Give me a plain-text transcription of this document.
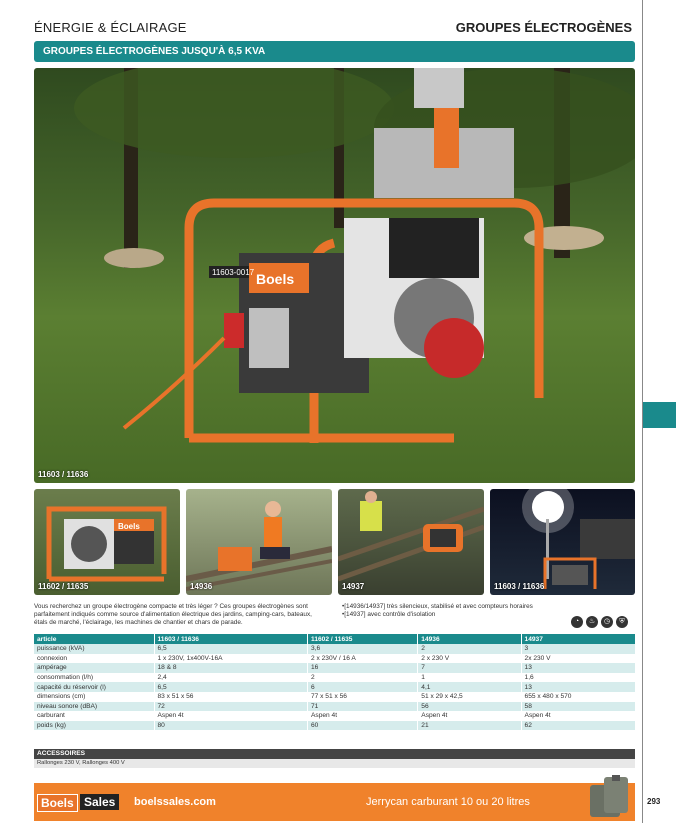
293
ÉNERGIE & ÉCLAIRAGE	GROUPES ÉLECTROGÈNES
GROUPES ÉLECTROGÈNES JUSQU'À 6,5 KVA
Boels
11603-0017
11603 / 11636
Boels
11602 / 11635	14936	14937	11603 / 11636

Vous recherchez un groupe électrogène compacte et très léger ? Ces groupes électrogènes sont parfaitement indiqués comme source d'alimentation électrique des jardins, camping-cars, bateaux, étals de marché, l'éclairage, les machines de chantier et chars de parade.

• [14936/14937] très silencieux, stabilisé et avec compteurs horaires
• [14937] avec contrôle d'isolation
◔	♨	◷	⛨
article	11603 / 11636	11602 / 11635	14936	14937
puissance (kVA)	6,5	3,6	2	3
connexion	1 x 230V, 1x400V-16A	2 x 230V / 16 A	2 x 230 V	2x 230 V
ampérage	18 & 8	16	7	13
consommation (l/h)	2,4	2	1	1,6
capacité du réservoir (l)	6,5	6	4,1	13
dimensions (cm)	83 x 51 x 56	77 x 51 x 56	51 x 29 x 42,5	655 x 480 x 570
niveau sonore (dBA)	72	71	56	58
carburant	Aspen 4t	Aspen 4t	Aspen 4t	Aspen 4t
poids (kg)	80	60	21	62
ACCESSOIRES
Rallonges 230 V, Rallonges 400 V
Boels Sales	boelssales.com	Jerrycan carburant 10 ou 20 litres
